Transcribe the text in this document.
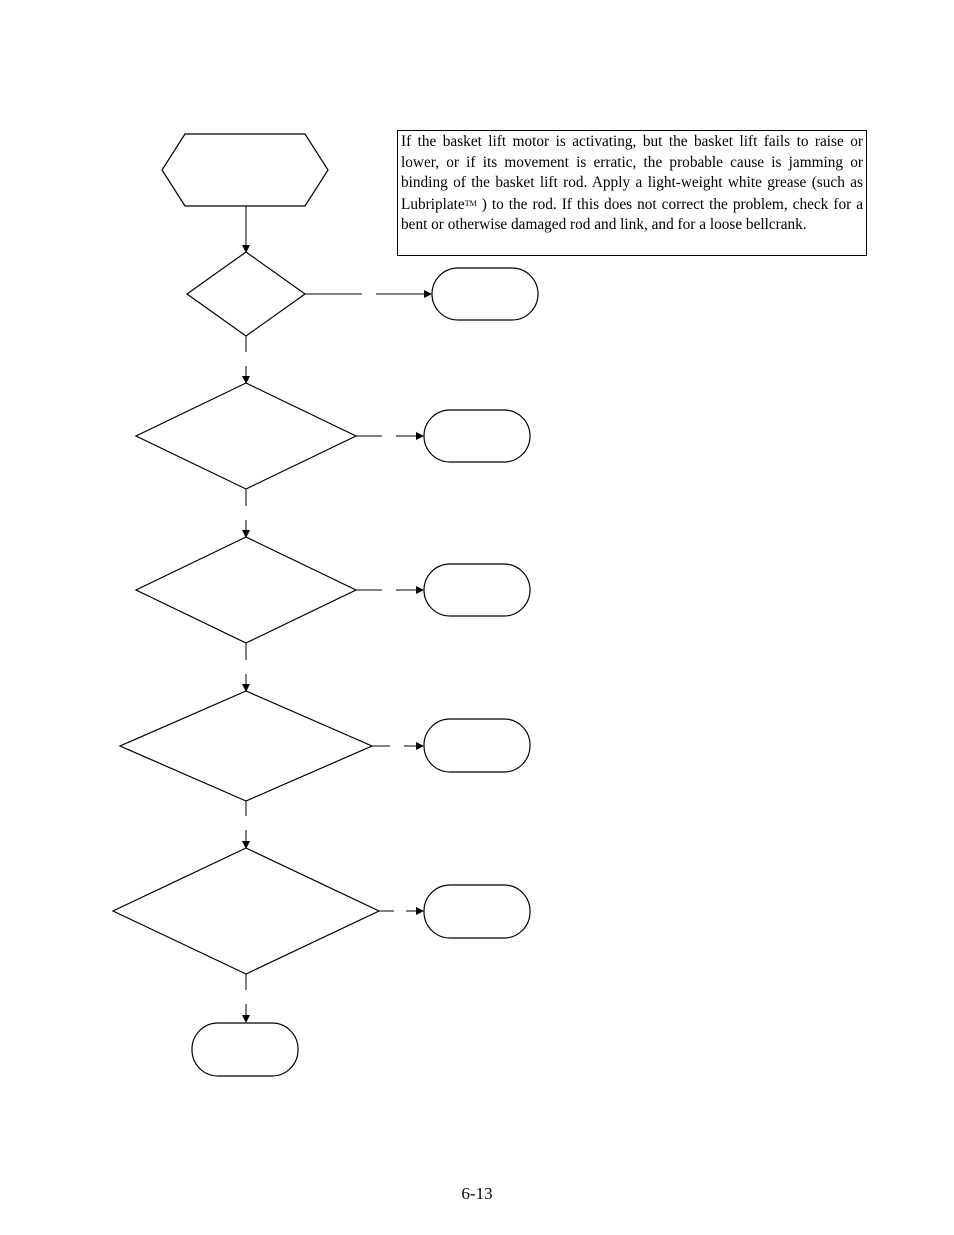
If the basket lift motor is activating, but the basket lift fails to raise or lower, or if its movement is erratic, the probable cause is jamming or binding of the basket lift rod. Apply a light-weight white grease (such as Lubriplate™ ) to the rod. If this does not correct the problem, check for a bent or otherwise damaged rod and link, and for a loose bellcrank.
6-13
